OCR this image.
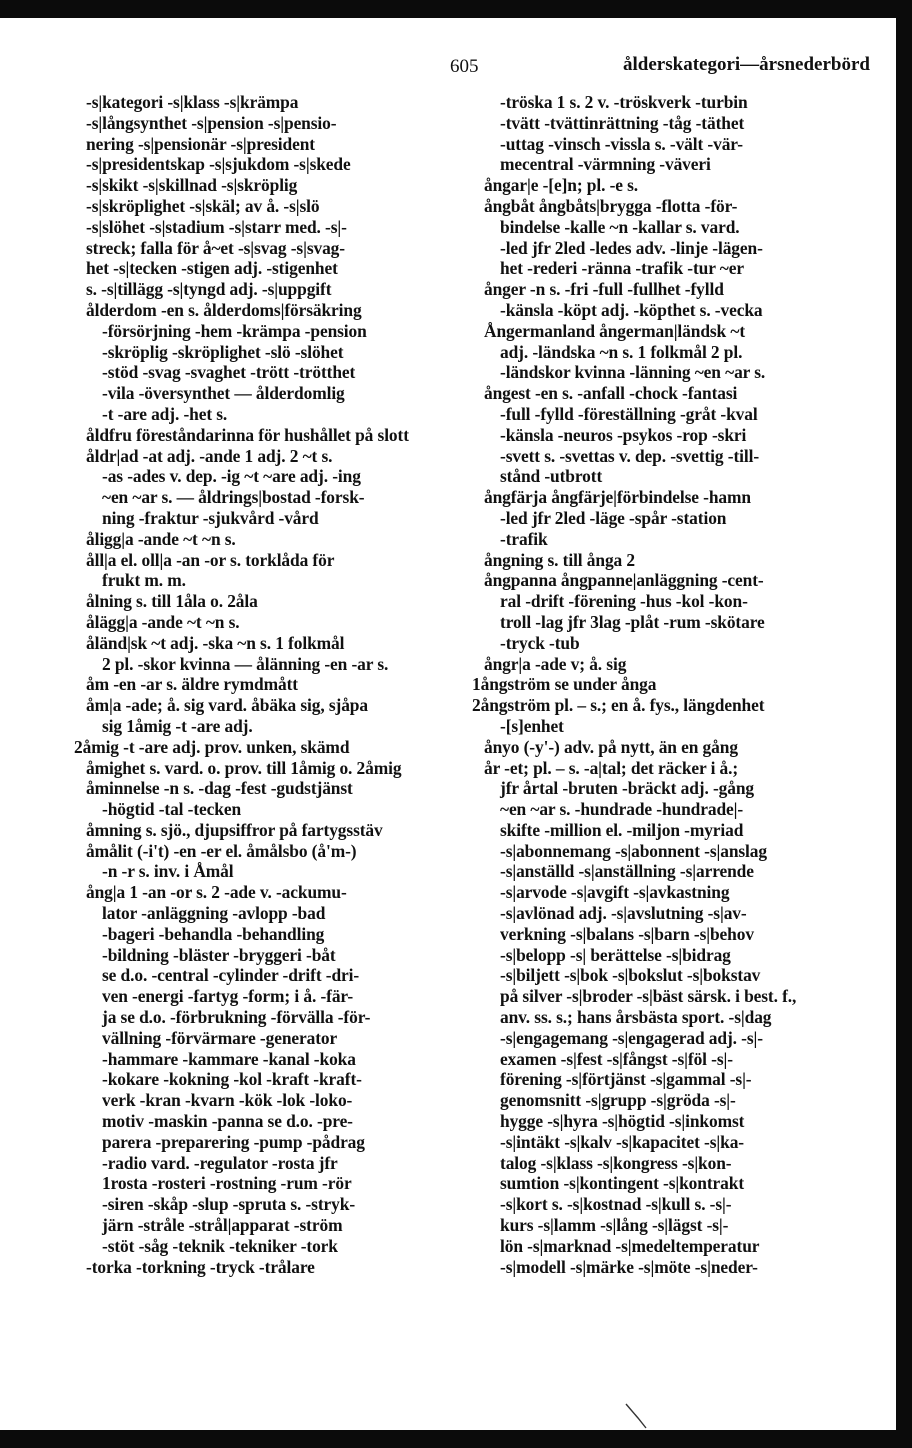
605	ålderskategori—årsnederbörd
-s|kategori -s|klass -s|krämpa
-s|långsynthet -s|pension -s|pensio-
nering -s|pensionär -s|president
-s|presidentskap -s|sjukdom -s|skede
-s|skikt -s|skillnad -s|skröplig
-s|skröplighet -s|skäl; av å. -s|slö
-s|slöhet -s|stadium -s|starr med. -s|-
streck; falla för å~et -s|svag -s|svag-
het -s|tecken -stigen adj. -stigenhet
s. -s|tillägg -s|tyngd adj. -s|uppgift
ålderdom -en s. ålderdoms|försäkring
-försörjning -hem -krämpa -pension
-skröplig -skröplighet -slö -slöhet
-stöd -svag -svaghet -trött -trötthet
-vila -översynthet — ålderdomlig
-t -are adj. -het s.
åldfru föreståndarinna för hushållet på slott
åldr|ad -at adj. -ande 1 adj. 2 ~t s.
-as -ades v. dep. -ig ~t ~are adj. -ing
~en ~ar s. — åldrings|bostad -forsk-
ning -fraktur -sjukvård -vård
åligg|a -ande ~t ~n s.
åll|a el. oll|a -an -or s. torklåda för
frukt m. m.
ålning s. till 1åla o. 2åla
ålägg|a -ande ~t ~n s.
åländ|sk ~t adj. -ska ~n s. 1 folkmål
2 pl. -skor kvinna — ålänning -en -ar s.
åm -en -ar s. äldre rymdmått
åm|a -ade; å. sig vard. åbäka sig, sjåpa
sig 1åmig -t -are adj.
2åmig -t -are adj. prov. unken, skämd
åmighet s. vard. o. prov. till 1åmig o. 2åmig
åminnelse -n s. -dag -fest -gudstjänst
-högtid -tal -tecken
åmning s. sjö., djupsiffror på fartygsstäv
åmålit (-i't) -en -er el. åmålsbo (å'm-)
-n -r s. inv. i Åmål
ång|a 1 -an -or s. 2 -ade v. -ackumu-
lator -anläggning -avlopp -bad
-bageri -behandla -behandling
-bildning -bläster -bryggeri -båt
se d.o. -central -cylinder -drift -dri-
ven -energi -fartyg -form; i å. -fär-
ja se d.o. -förbrukning -förvälla -för-
vällning -förvärmare -generator
-hammare -kammare -kanal -koka
-kokare -kokning -kol -kraft -kraft-
verk -kran -kvarn -kök -lok -loko-
motiv -maskin -panna se d.o. -pre-
parera -preparering -pump -pådrag
-radio vard. -regulator -rosta jfr
1rosta -rosteri -rostning -rum -rör
-siren -skåp -slup -spruta s. -stryk-
järn -stråle -strål|apparat -ström
-stöt -såg -teknik -tekniker -tork
-torka -torkning -tryck -trålare
-tröska 1 s. 2 v. -tröskverk -turbin
-tvätt -tvättinrättning -tåg -täthet
-uttag -vinsch -vissla s. -vält -vär-
mecentral -värmning -väveri
ångar|e -[e]n; pl. -e s.
ångbåt ångbåts|brygga -flotta -för-
bindelse -kalle ~n -kallar s. vard.
-led jfr 2led -ledes adv. -linje -lägen-
het -rederi -ränna -trafik -tur ~er
ånger -n s. -fri -full -fullhet -fylld
-känsla -köpt adj. -köpthet s. -vecka
Ångermanland ångerman|ländsk ~t
adj. -ländska ~n s. 1 folkmål 2 pl.
-ländskor kvinna -länning ~en ~ar s.
ångest -en s. -anfall -chock -fantasi
-full -fylld -föreställning -gråt -kval
-känsla -neuros -psykos -rop -skri
-svett s. -svettas v. dep. -svettig -till-
stånd -utbrott
ångfärja ångfärje|förbindelse -hamn
-led jfr 2led -läge -spår -station
-trafik
ångning s. till ånga 2
ångpanna ångpanne|anläggning -cent-
ral -drift -förening -hus -kol -kon-
troll -lag jfr 3lag -plåt -rum -skötare
-tryck -tub
ångr|a -ade v; å. sig
1ångström se under ånga
2ångström pl. – s.; en å. fys., längdenhet
-[s]enhet
ånyo (-y'-) adv. på nytt, än en gång
år -et; pl. – s. -a|tal; det räcker i å.;
jfr årtal -bruten -bräckt adj. -gång
~en ~ar s. -hundrade -hundrade|-
skifte -million el. -miljon -myriad
-s|abonnemang -s|abonnent -s|anslag
-s|anställd -s|anställning -s|arrende
-s|arvode -s|avgift -s|avkastning
-s|avlönad adj. -s|avslutning -s|av-
verkning -s|balans -s|barn -s|behov
-s|belopp -s| berättelse -s|bidrag
-s|biljett -s|bok -s|bokslut -s|bokstav
på silver -s|broder -s|bäst särsk. i best. f.,
anv. ss. s.; hans årsbästa sport. -s|dag
-s|engagemang -s|engagerad adj. -s|-
examen -s|fest -s|fångst -s|föl -s|-
förening -s|förtjänst -s|gammal -s|-
genomsnitt -s|grupp -s|gröda -s|-
hygge -s|hyra -s|högtid -s|inkomst
-s|intäkt -s|kalv -s|kapacitet -s|ka-
talog -s|klass -s|kongress -s|kon-
sumtion -s|kontingent -s|kontrakt
-s|kort s. -s|kostnad -s|kull s. -s|-
kurs -s|lamm -s|lång -s|lägst -s|-
lön -s|marknad -s|medeltemperatur
-s|modell -s|märke -s|möte -s|neder-
